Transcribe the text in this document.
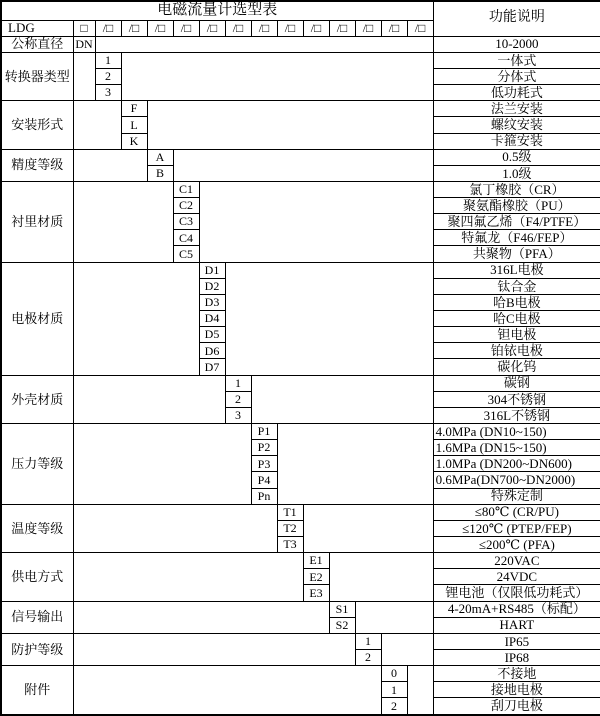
电磁流量计选型表															功能说明
LDG	□	/□	/□	/□	/□	/□	/□	/□	/□	/□	/□	/□	/□	/□	
公称直径	DN														10-2000
转换器类型		1													一体式
		2													分体式
		3													低功耗式
安装形式			F												法兰安装
			L												螺纹安装
			K												卡箍安装
精度等级				A											0.5级
				B											1.0级
衬里材质					C1										氯丁橡胶（CR）
					C2										聚氨酯橡胶（PU）
					C3										聚四氟乙烯（F4/PTFE）
					C4										特氟龙（F46/FEP）
					C5										共聚物（PFA）
电极材质						D1									316L电极
						D2									钛合金
						D3									哈B电极
						D4									哈C电极
						D5									钽电极
						D6									铂铱电极
						D7									碳化钨
外壳材质							1								碳钢
							2								304不锈钢
							3								316L不锈钢
压力等级								P1							4.0MPa (DN10~150)
								P2							1.6MPa (DN15~150)
								P3							1.0MPa (DN200~DN600)
								P4							0.6MPa(DN700~DN2000)
								Pn							特殊定制
温度等级									T1						≤80℃ (CR/PU)
									T2						≤120℃ (PTEP/FEP)
									T3						≤200℃ (PFA)
供电方式										E1					220VAC
										E2					24VDC
										E3					锂电池（仅限低功耗式）
信号输出											S1				4-20mA+RS485（标配）
											S2				HART
防护等级												1			IP65
												2			IP68
附件													0		不接地
													1		接地电极
													2		刮刀电极
